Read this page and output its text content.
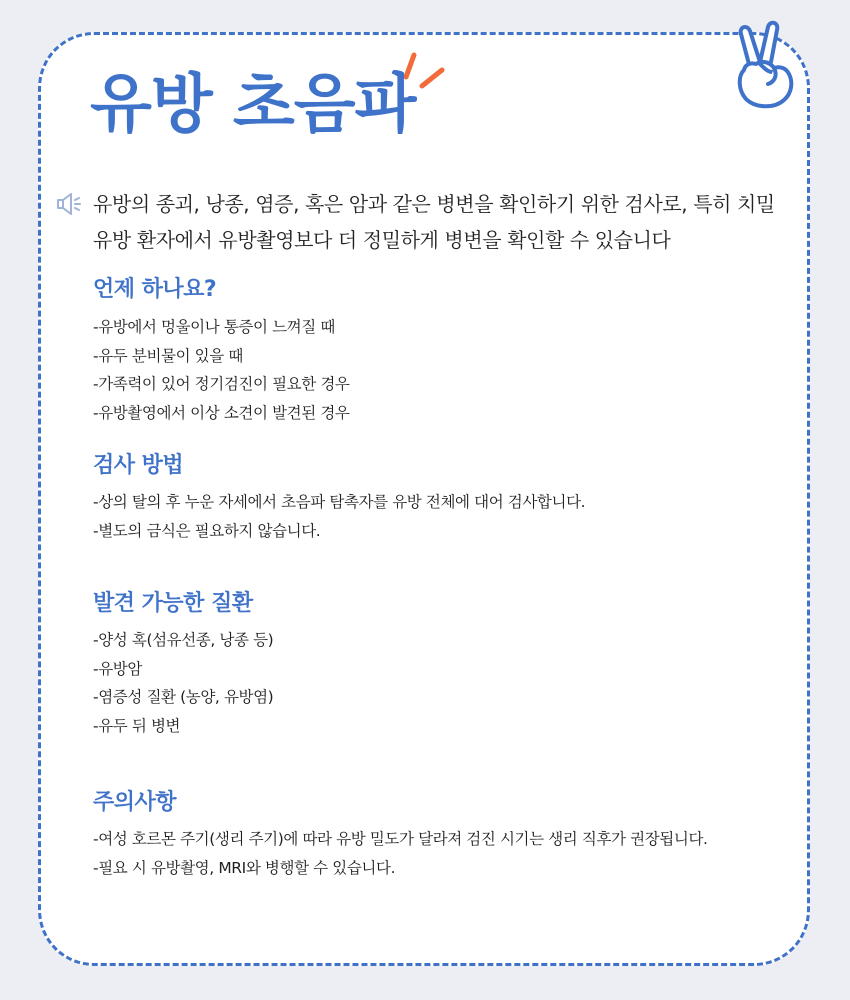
유방 초음파

유방의 종괴, 낭종, 염증, 혹은 암과 같은 병변을 확인하기 위한 검사로, 특히 치밀유방 환자에서 유방촬영보다 더 정밀하게 병변을 확인할 수 있습니다

언제 하나요?
-유방에서 멍울이나 통증이 느껴질 때
-유두 분비물이 있을 때
-가족력이 있어 정기검진이 필요한 경우
-유방촬영에서 이상 소견이 발견된 경우
검사 방법
-상의 탈의 후 누운 자세에서 초음파 탐촉자를 유방 전체에 대어 검사합니다.
-별도의 금식은 필요하지 않습니다.
발견 가능한 질환
-양성 혹(섬유선종, 낭종 등)
-유방암
-염증성 질환 (농양, 유방염)
-유두 뒤 병변
주의사항
-여성 호르몬 주기(생리 주기)에 따라 유방 밀도가 달라져 검진 시기는 생리 직후가 권장됩니다.
-필요 시 유방촬영, MRI와 병행할 수 있습니다.
